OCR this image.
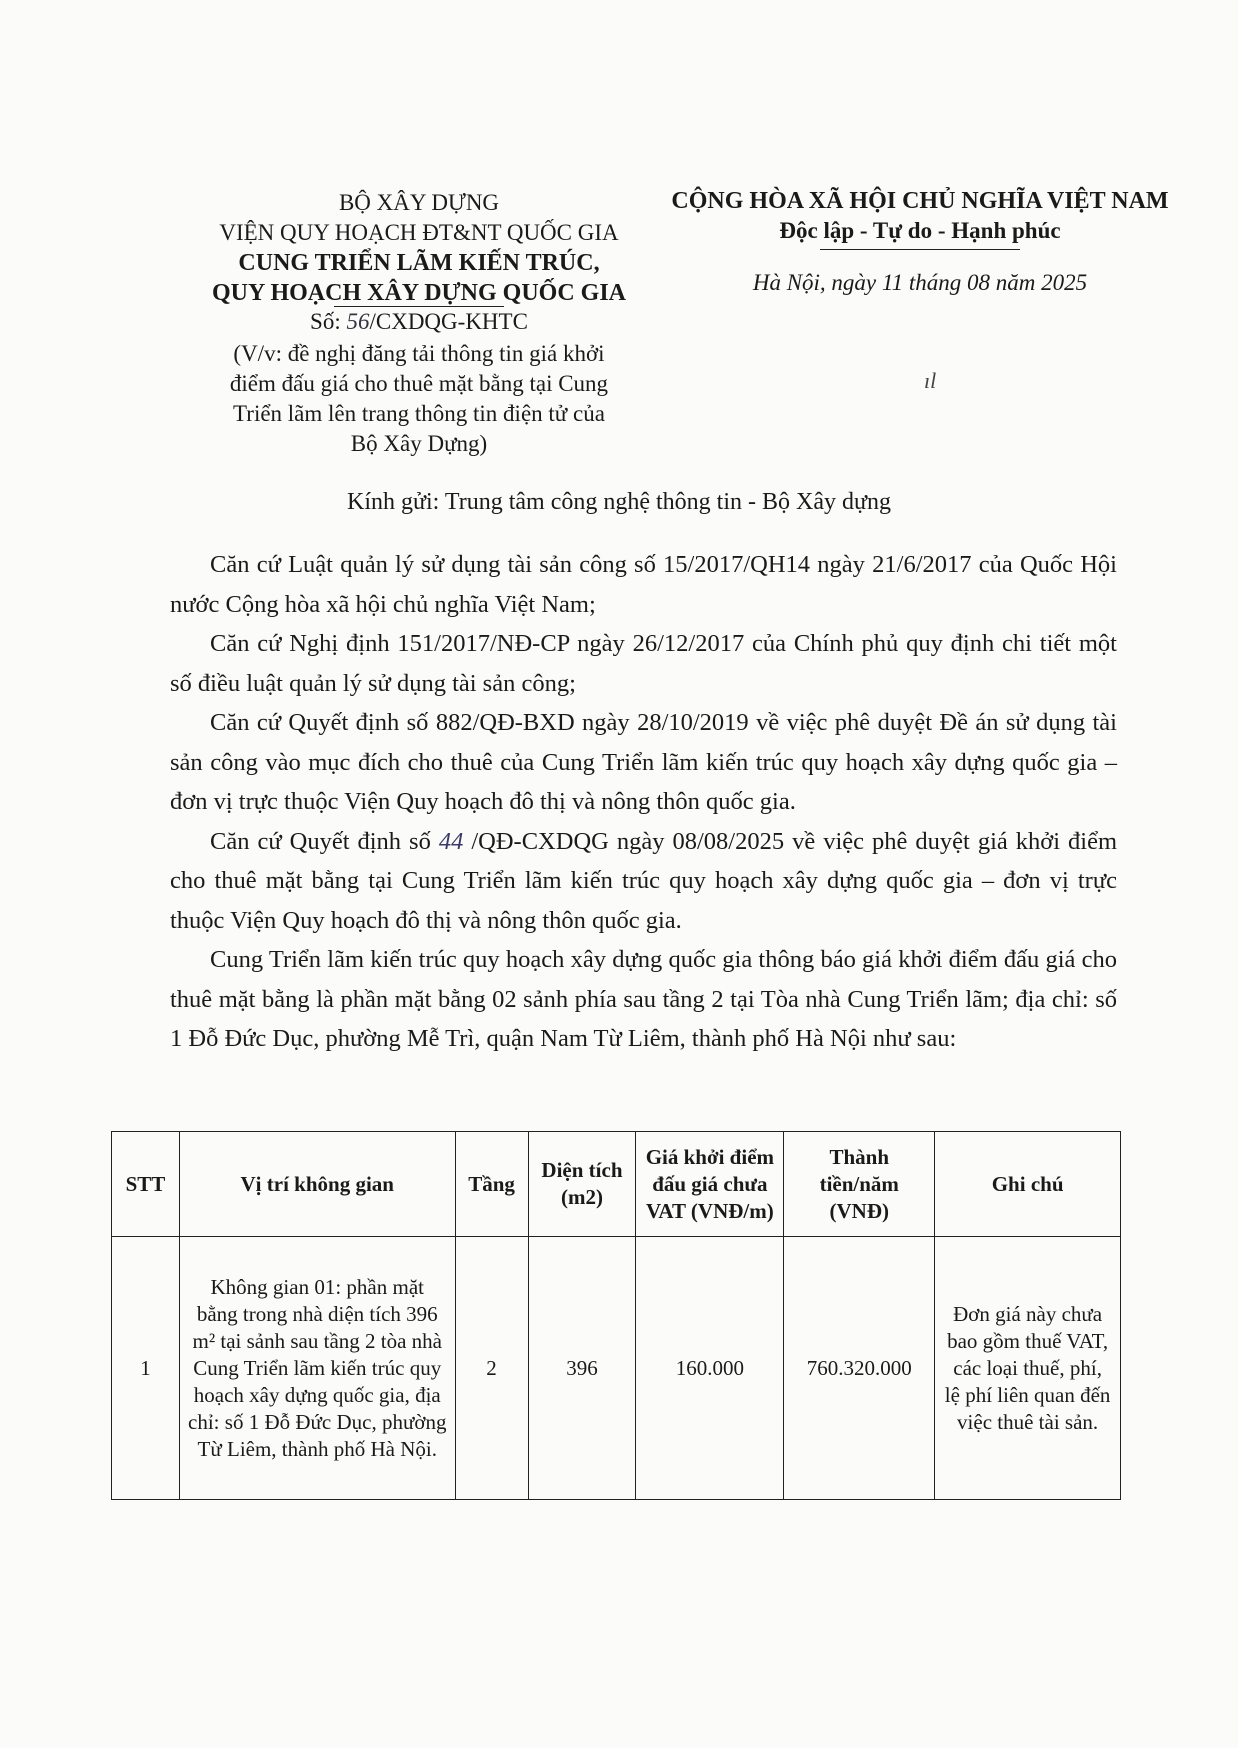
BỘ XÂY DỰNG
VIỆN QUY HOẠCH ĐT&NT QUỐC GIA
CUNG TRIỂN LÃM KIẾN TRÚC,
QUY HOẠCH XÂY DỰNG QUỐC GIA
Số: 56/CXDQG-KHTC
(V/v: đề nghị đăng tải thông tin giá khởi
điểm đấu giá cho thuê mặt bằng tại Cung
Triển lãm lên trang thông tin điện tử của
Bộ Xây Dựng)
CỘNG HÒA XÃ HỘI CHỦ NGHĨA VIỆT NAM
Độc lập - Tự do - Hạnh phúc
Hà Nội, ngày 11 tháng 08 năm 2025
ıl
Kính gửi: Trung tâm công nghệ thông tin - Bộ Xây dựng

Căn cứ Luật quản lý sử dụng tài sản công số 15/2017/QH14 ngày 21/6/2017 của Quốc Hội nước Cộng hòa xã hội chủ nghĩa Việt Nam;

Căn cứ Nghị định 151/2017/NĐ-CP ngày 26/12/2017 của Chính phủ quy định chi tiết một số điều luật quản lý sử dụng tài sản công;

Căn cứ Quyết định số 882/QĐ-BXD ngày 28/10/2019 về việc phê duyệt Đề án sử dụng tài sản công vào mục đích cho thuê của Cung Triển lãm kiến trúc quy hoạch xây dựng quốc gia – đơn vị trực thuộc Viện Quy hoạch đô thị và nông thôn quốc gia.

Căn cứ Quyết định số 44 /QĐ-CXDQG ngày 08/08/2025 về việc phê duyệt giá khởi điểm cho thuê mặt bằng tại Cung Triển lãm kiến trúc quy hoạch xây dựng quốc gia – đơn vị trực thuộc Viện Quy hoạch đô thị và nông thôn quốc gia.

Cung Triển lãm kiến trúc quy hoạch xây dựng quốc gia thông báo giá khởi điểm đấu giá cho thuê mặt bằng là phần mặt bằng 02 sảnh phía sau tầng 2 tại Tòa nhà Cung Triển lãm; địa chỉ: số 1 Đỗ Đức Dục, phường Mễ Trì, quận Nam Từ Liêm, thành phố Hà Nội như sau:

STT	Vị trí không gian	Tầng	Diện tích (m2)	Giá khởi điểm đấu giá chưa VAT (VNĐ/m)	Thành tiền/năm (VNĐ)	Ghi chú
1	Không gian 01: phần mặt bằng trong nhà diện tích 396 m² tại sảnh sau tầng 2 tòa nhà Cung Triển lãm kiến trúc quy hoạch xây dựng quốc gia, địa chỉ: số 1 Đỗ Đức Dục, phường Từ Liêm, thành phố Hà Nội.	2	396	160.000	760.320.000	Đơn giá này chưa bao gồm thuế VAT, các loại thuế, phí, lệ phí liên quan đến việc thuê tài sản.
